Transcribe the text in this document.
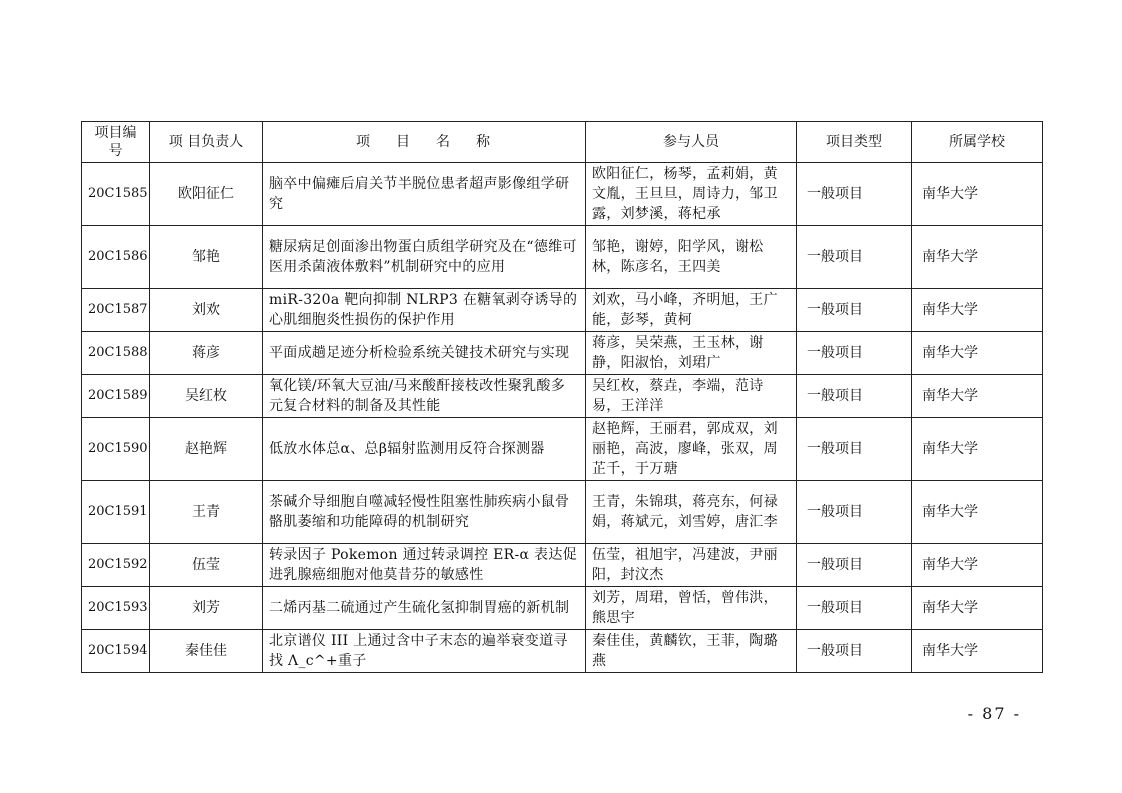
项目编号	项 目负责人	项目名称	参与人员	项目类型	所属学校
20C1585	欧阳征仁	脑卒中偏瘫后肩关节半脱位患者超声影像组学研究	欧阳征仁，杨琴，孟莉娟，黄文胤，王旦旦，周诗力，邹卫露，刘梦溪，蒋杞承	一般项目	南华大学
20C1586	邹艳	糖尿病足创面渗出物蛋白质组学研究及在“德维可医用杀菌液体敷料”机制研究中的应用	邹艳，谢婷，阳学风，谢松林，陈彦名，王四美	一般项目	南华大学
20C1587	刘欢	miR-320a 靶向抑制 NLRP3 在糖氧剥夺诱导的心肌细胞炎性损伤的保护作用	刘欢，马小峰，齐明旭，王广能，彭琴，黄柯	一般项目	南华大学
20C1588	蒋彦	平面成趟足迹分析检验系统关键技术研究与实现	蒋彦，吴荣燕，王玉林，谢静，阳淑怡，刘珺广	一般项目	南华大学
20C1589	吴红枚	氧化镁/环氧大豆油/马来酸酐接枝改性聚乳酸多元复合材料的制备及其性能	吴红枚，蔡垚，李端，范诗易，王洋洋	一般项目	南华大学
20C1590	赵艳辉	低放水体总α、总β辐射监测用反符合探测器	赵艳辉，王丽君，郭成双，刘丽艳，高波，廖峰，张双，周芷千，于万瑭	一般项目	南华大学
20C1591	王青	茶碱介导细胞自噬减轻慢性阻塞性肺疾病小鼠骨骼肌萎缩和功能障碍的机制研究	王青，朱锦琪，蒋亮东，何禄娟，蒋斌元，刘雪婷，唐汇李	一般项目	南华大学
20C1592	伍莹	转录因子 Pokemon 通过转录调控 ER-α 表达促进乳腺癌细胞对他莫昔芬的敏感性	伍莹，祖旭宇，冯建波，尹丽阳，封汶杰	一般项目	南华大学
20C1593	刘芳	二烯丙基二硫通过产生硫化氢抑制胃癌的新机制	刘芳，周珺，曾恬，曾伟洪，熊思宇	一般项目	南华大学
20C1594	秦佳佳	北京谱仪 III 上通过含中子末态的遍举衰变道寻找 Λ_c^+重子	秦佳佳，黄麟钦，王菲，陶璐燕	一般项目	南华大学
- 87 -
